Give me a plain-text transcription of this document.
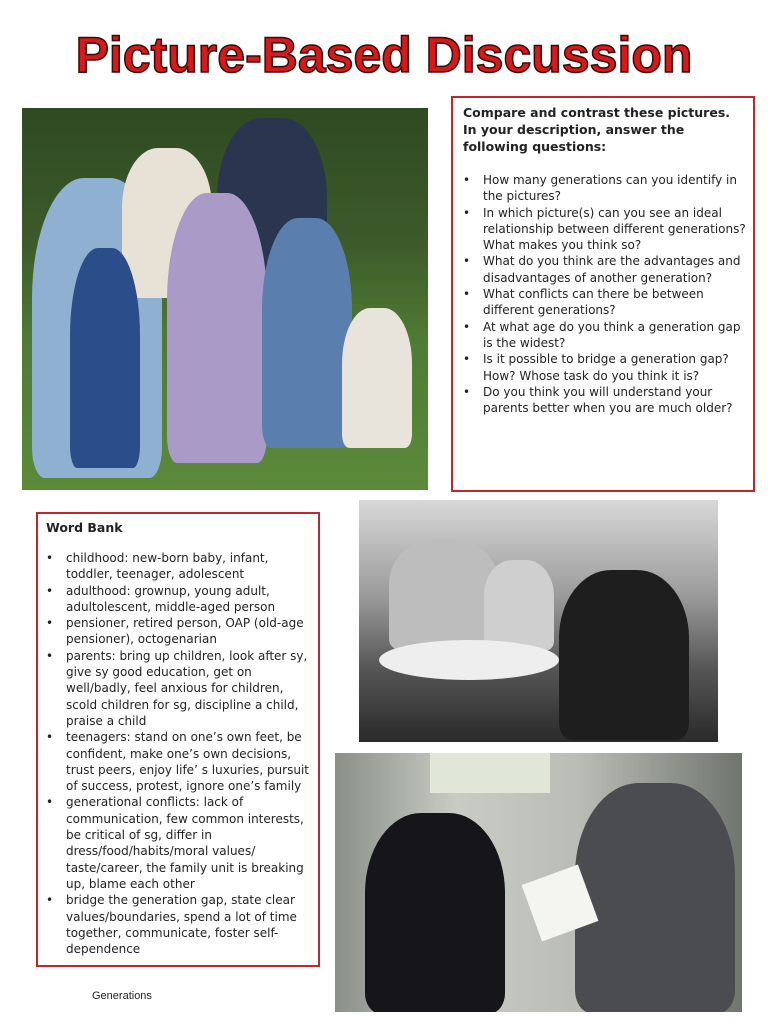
Picture-Based Discussion
Compare and contrast these pictures. In your description, answer the following questions:
• How many generations can you identify in the pictures?
• In which picture(s) can you see an ideal relationship between different generations? What makes you think so?
• What do you think are the advantages and disadvantages of another generation?
• What conflicts can there be between different generations?
• At what age do you think a generation gap is the widest?
• Is it possible to bridge a generation gap? How? Whose task do you think it is?
• Do you think you will understand your parents better when you are much older?
Word Bank
• childhood: new-born baby, infant, toddler, teenager, adolescent
• adulthood: grownup, young adult, adultolescent, middle-aged person
• pensioner, retired person, OAP (old-age pensioner), octogenarian
• parents: bring up children, look after sy, give sy good education, get on well/badly, feel anxious for children, scold children for sg, discipline a child, praise a child
• teenagers: stand on one’s own feet, be confident, make one’s own decisions, trust peers, enjoy life’ s luxuries, pursuit of success, protest, ignore one’s family
• generational conflicts: lack of communication, few common interests, be critical of sg, differ in dress/food/habits/moral values/ taste/career, the family unit is breaking up, blame each other
• bridge the generation gap, state clear values/boundaries, spend a lot of time together, communicate, foster self-dependence
Generations
